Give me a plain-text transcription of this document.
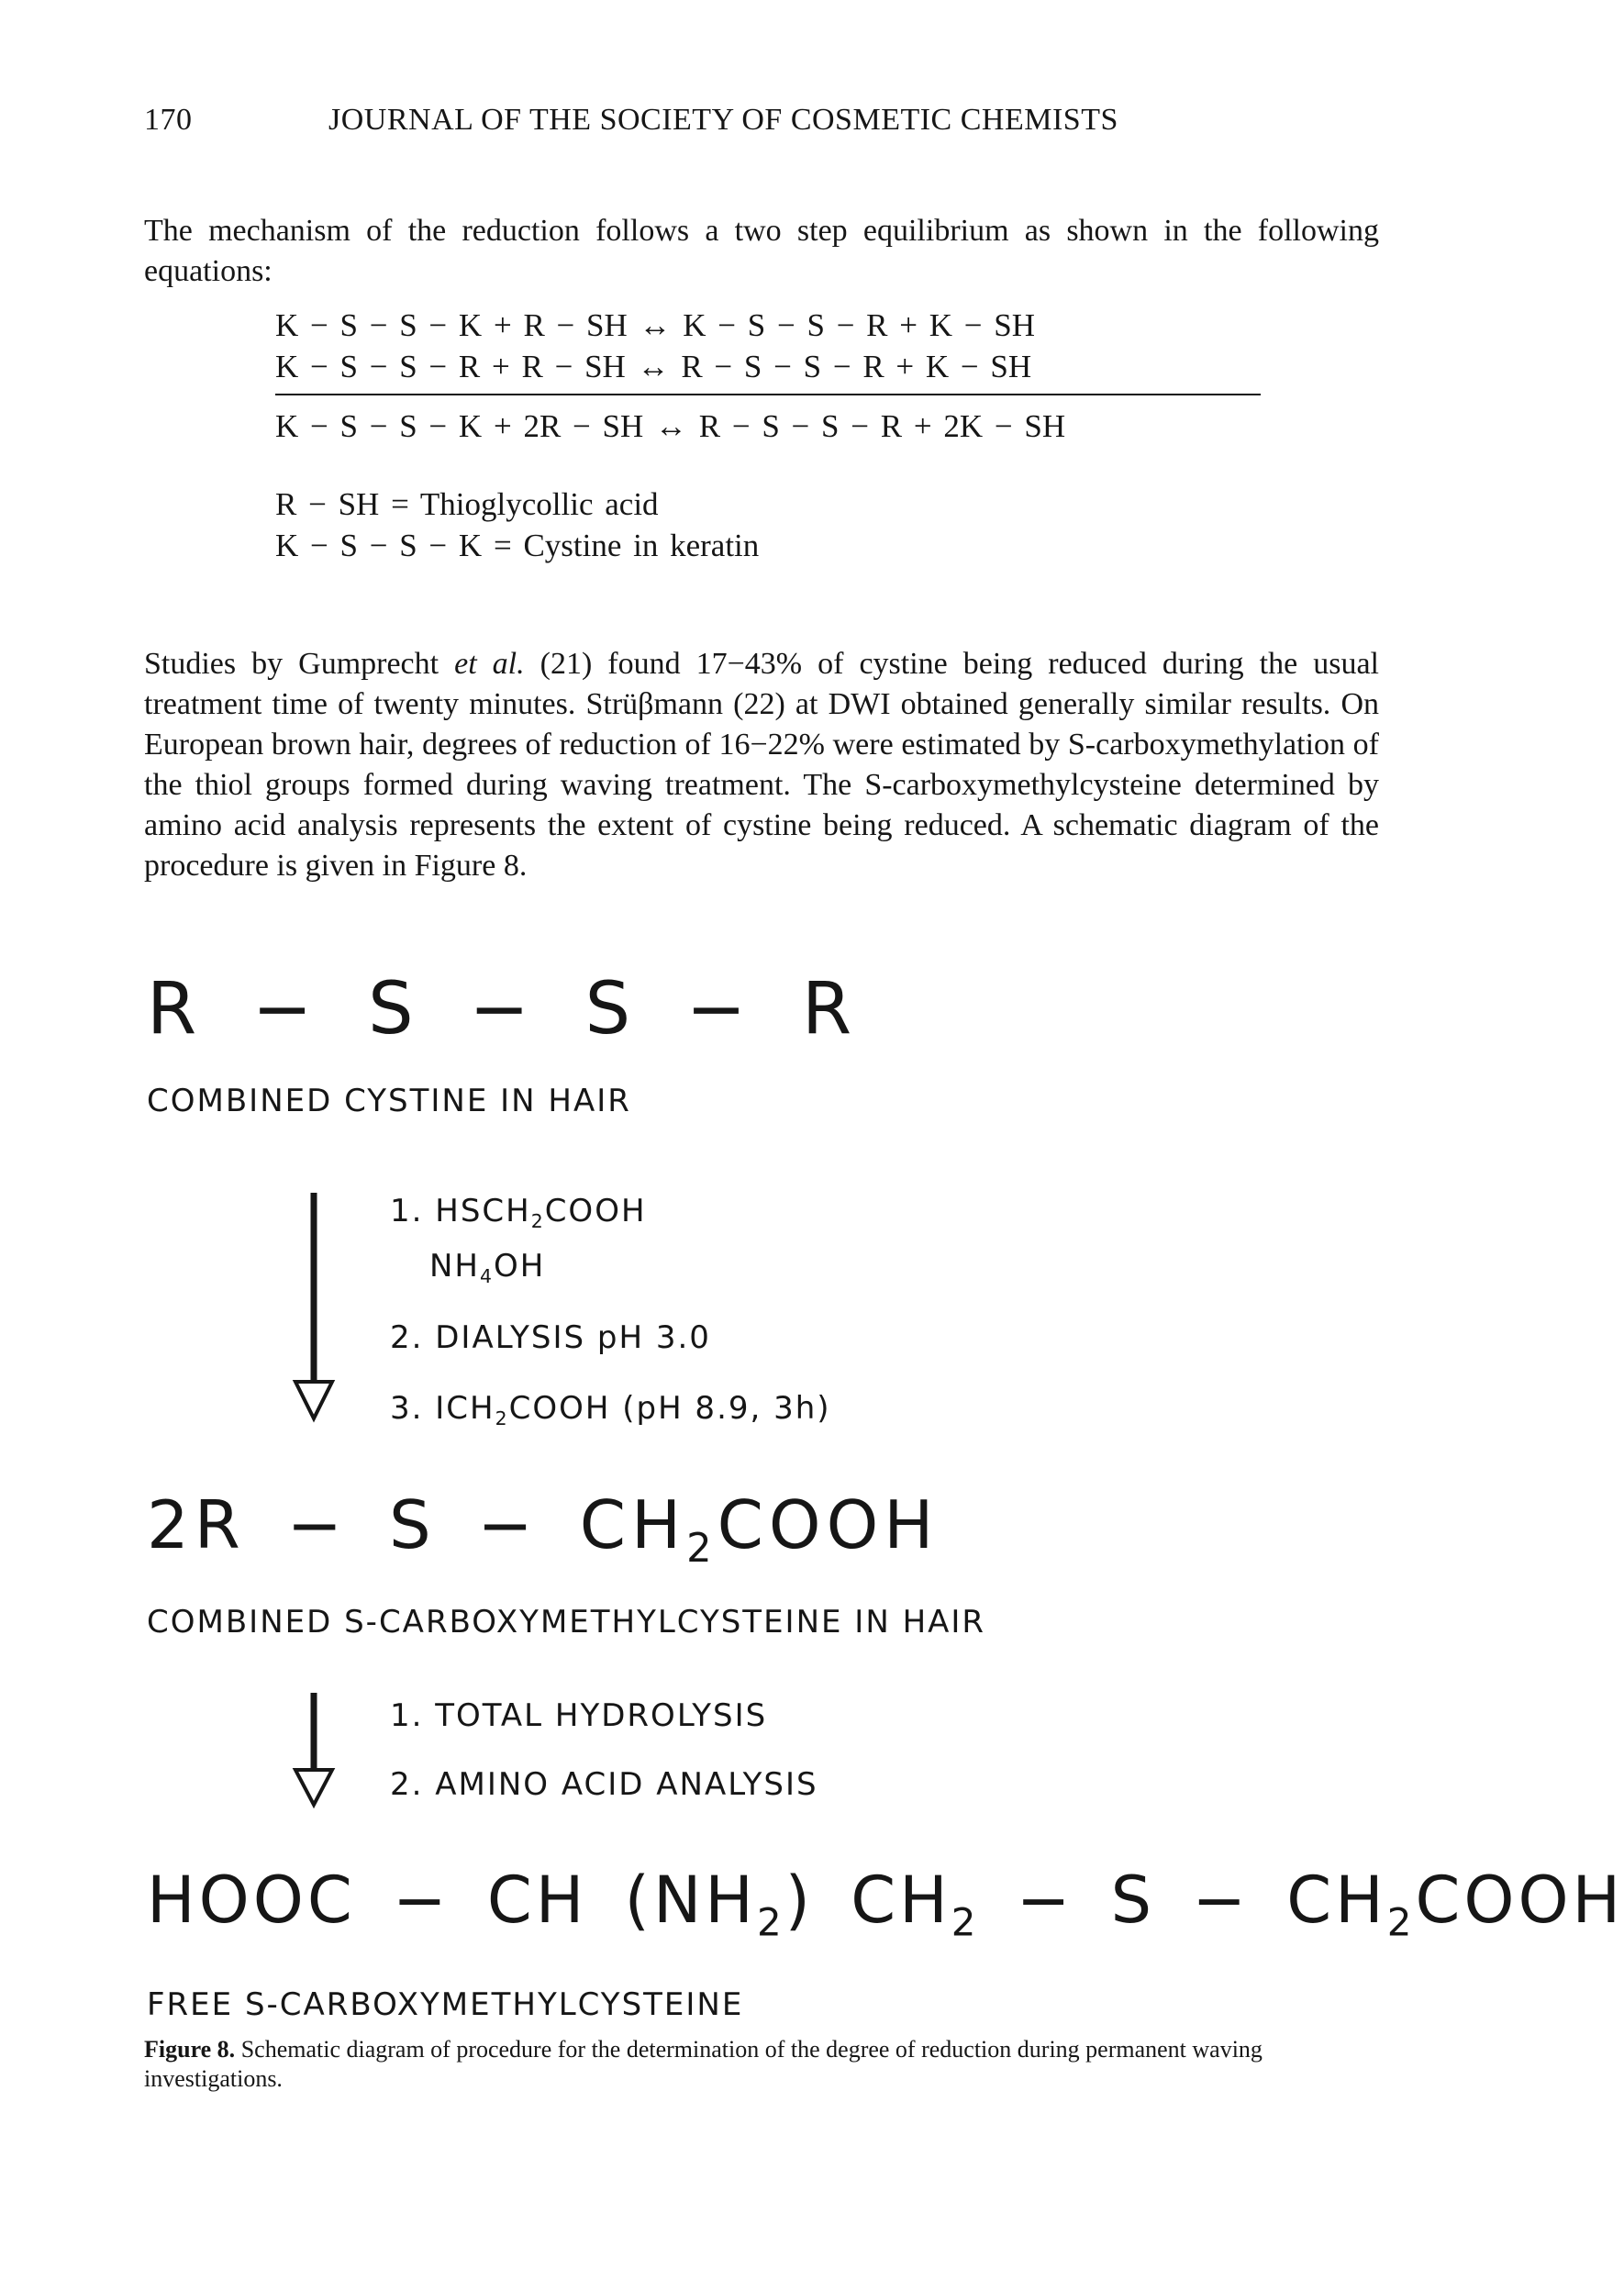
170	JOURNAL OF THE SOCIETY OF COSMETIC CHEMISTS
The mechanism of the reduction follows a two step equilibrium as shown in the following equations:
K − S − S − K + R − SH ↔ K − S − S − R + K − SH
K − S − S − R + R − SH ↔ R − S − S − R + K − SH
K − S − S − K + 2R − SH ↔ R − S − S − R + 2K − SH
R − SH = Thioglycollic acid
K − S − S − K = Cystine in keratin
Studies by Gumprecht et al. (21) found 17−43% of cystine being reduced during the usual treatment time of twenty minutes. Strüβmann (22) at DWI obtained generally similar results. On European brown hair, degrees of reduction of 16−22% were estimated by S-carboxymethylation of the thiol groups formed during waving treatment. The S-carboxymethylcysteine determined by amino acid analysis represents the extent of cystine being reduced. A schematic diagram of the procedure is given in Figure 8.
R − S − S − R
COMBINED CYSTINE IN HAIR
1. $HSCH_2COOH$
$NH_4OH$
2. DIALYSIS pH 3.0
3. $ICH_2COOH$ (pH 8.9, 3h)
$2R - S - CH_2COOH$
COMBINED S-CARBOXYMETHYLCYSTEINE IN HAIR
1. TOTAL HYDROLYSIS
2. AMINO ACID ANALYSIS
HOOC − CH $(NH_2) CH_2 - S$ − $CH_2COOH$
FREE S-CARBOXYMETHYLCYSTEINE
Figure 8. Schematic diagram of procedure for the determination of the degree of reduction during permanent waving investigations.
